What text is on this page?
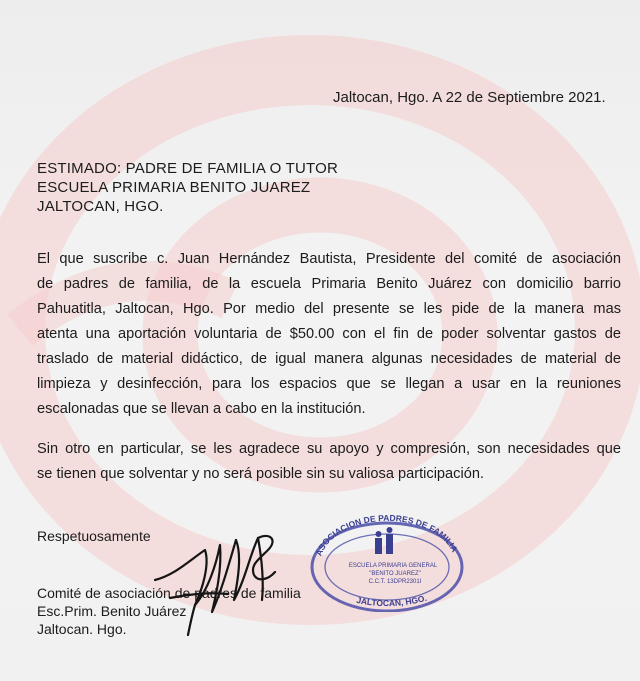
Jaltocan, Hgo. A 22 de Septiembre 2021.
ESTIMADO: PADRE DE FAMILIA O TUTOR
ESCUELA PRIMARIA BENITO JUAREZ
JALTOCAN, HGO.
El que suscribe c. Juan Hernández Bautista, Presidente del comité de asociación
de padres de familia, de la escuela Primaria Benito Juárez con domicilio barrio
Pahuatitla, Jaltocan, Hgo. Por medio del presente se les pide de la manera mas
atenta una aportación voluntaria de $50.00 con el fin de poder solventar gastos de
traslado de material didáctico, de igual manera algunas necesidades de material de
limpieza y desinfección, para los espacios que se llegan a usar en la reuniones
escalonadas que se llevan a cabo en la institución.
Sin otro en particular, se les agradece su apoyo y compresión, son necesidades que
se tienen que solventar y no será posible sin su valiosa participación.
Respetuosamente
Comité de asociación de padres de familia
Esc.Prim. Benito Juárez
Jaltocan. Hgo.
ASOCIACION DE PADRES DE FAMILIA
JALTOCAN, HGO.
ESCUELA PRIMARIA GENERAL
"BENITO JUAREZ"
C.C.T. 13DPR2301I
